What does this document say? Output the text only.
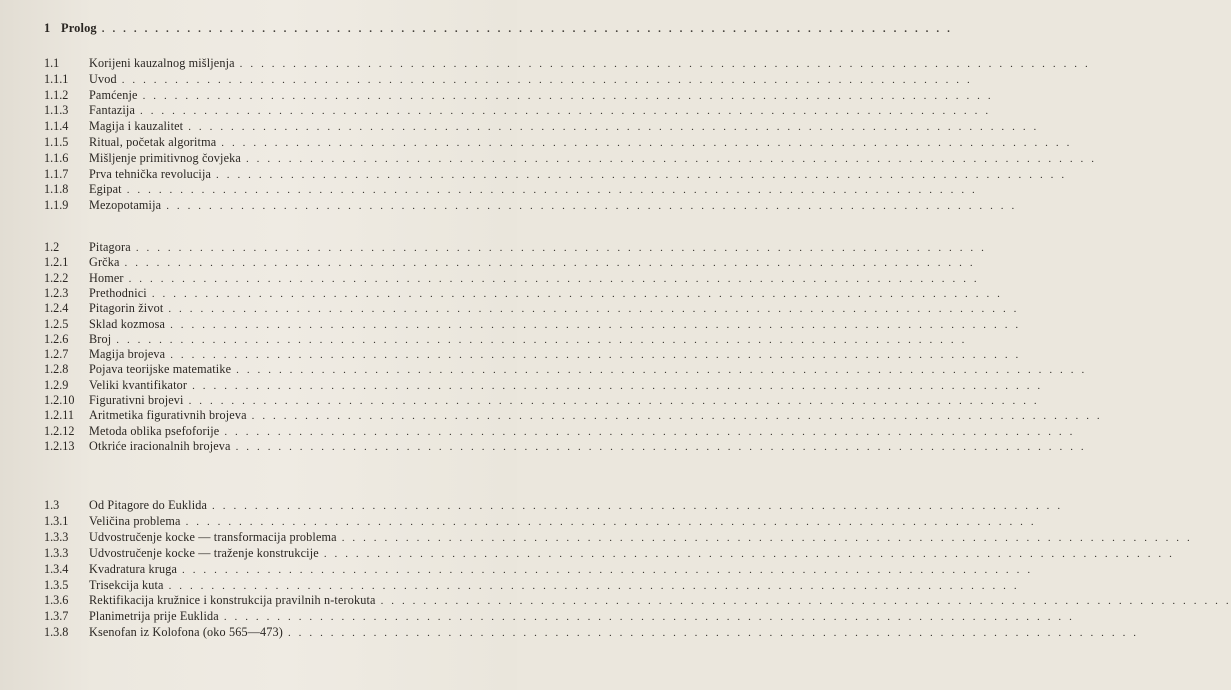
1 Prolog . . . . . . . . . . . . . . . . . . . . . . . . . . . . . . . . . . . . . . . . . . . . . . . . . . . . . . . . . . . . . . . . . . . . . . . . . . . . . . . .
1.1 Korijeni kauzalnog mišljenja . . . . . . . . . . . . . . . . . . . . . . . . . . . . . . . . . . . . . . . . . . . . . . . . . . . . . . . . . . . . . . . . . . . . . . . . . . . . . . . .
1.1.1 Uvod . . . . . . . . . . . . . . . . . . . . . . . . . . . . . . . . . . . . . . . . . . . . . . . . . . . . . . . . . . . . . . . . . . . . . . . . . . . . . . . .
1.1.2 Pamćenje . . . . . . . . . . . . . . . . . . . . . . . . . . . . . . . . . . . . . . . . . . . . . . . . . . . . . . . . . . . . . . . . . . . . . . . . . . . . . . . .
1.1.3 Fantazija . . . . . . . . . . . . . . . . . . . . . . . . . . . . . . . . . . . . . . . . . . . . . . . . . . . . . . . . . . . . . . . . . . . . . . . . . . . . . . . .
1.1.4 Magija i kauzalitet . . . . . . . . . . . . . . . . . . . . . . . . . . . . . . . . . . . . . . . . . . . . . . . . . . . . . . . . . . . . . . . . . . . . . . . . . . . . . . . .
1.1.5 Ritual, početak algoritma . . . . . . . . . . . . . . . . . . . . . . . . . . . . . . . . . . . . . . . . . . . . . . . . . . . . . . . . . . . . . . . . . . . . . . . . . . . . . . . .
1.1.6 Mišljenje primitivnog čovjeka . . . . . . . . . . . . . . . . . . . . . . . . . . . . . . . . . . . . . . . . . . . . . . . . . . . . . . . . . . . . . . . . . . . . . . . . . . . . . . . .
1.1.7 Prva tehnička revolucija . . . . . . . . . . . . . . . . . . . . . . . . . . . . . . . . . . . . . . . . . . . . . . . . . . . . . . . . . . . . . . . . . . . . . . . . . . . . . . . .
1.1.8 Egipat . . . . . . . . . . . . . . . . . . . . . . . . . . . . . . . . . . . . . . . . . . . . . . . . . . . . . . . . . . . . . . . . . . . . . . . . . . . . . . . .
1.1.9 Mezopotamija . . . . . . . . . . . . . . . . . . . . . . . . . . . . . . . . . . . . . . . . . . . . . . . . . . . . . . . . . . . . . . . . . . . . . . . . . . . . . . . .
1.2 Pitagora . . . . . . . . . . . . . . . . . . . . . . . . . . . . . . . . . . . . . . . . . . . . . . . . . . . . . . . . . . . . . . . . . . . . . . . . . . . . . . . .
1.2.1 Grčka . . . . . . . . . . . . . . . . . . . . . . . . . . . . . . . . . . . . . . . . . . . . . . . . . . . . . . . . . . . . . . . . . . . . . . . . . . . . . . . .
1.2.2 Homer . . . . . . . . . . . . . . . . . . . . . . . . . . . . . . . . . . . . . . . . . . . . . . . . . . . . . . . . . . . . . . . . . . . . . . . . . . . . . . . .
1.2.3 Prethodnici . . . . . . . . . . . . . . . . . . . . . . . . . . . . . . . . . . . . . . . . . . . . . . . . . . . . . . . . . . . . . . . . . . . . . . . . . . . . . . . .
1.2.4 Pitagorin život . . . . . . . . . . . . . . . . . . . . . . . . . . . . . . . . . . . . . . . . . . . . . . . . . . . . . . . . . . . . . . . . . . . . . . . . . . . . . . . .
1.2.5 Sklad kozmosa . . . . . . . . . . . . . . . . . . . . . . . . . . . . . . . . . . . . . . . . . . . . . . . . . . . . . . . . . . . . . . . . . . . . . . . . . . . . . . . .
1.2.6 Broj . . . . . . . . . . . . . . . . . . . . . . . . . . . . . . . . . . . . . . . . . . . . . . . . . . . . . . . . . . . . . . . . . . . . . . . . . . . . . . . .
1.2.7 Magija brojeva . . . . . . . . . . . . . . . . . . . . . . . . . . . . . . . . . . . . . . . . . . . . . . . . . . . . . . . . . . . . . . . . . . . . . . . . . . . . . . . .
1.2.8 Pojava teorijske matematike . . . . . . . . . . . . . . . . . . . . . . . . . . . . . . . . . . . . . . . . . . . . . . . . . . . . . . . . . . . . . . . . . . . . . . . . . . . . . . . .
1.2.9 Veliki kvantifikator . . . . . . . . . . . . . . . . . . . . . . . . . . . . . . . . . . . . . . . . . . . . . . . . . . . . . . . . . . . . . . . . . . . . . . . . . . . . . . . .
1.2.10 Figurativni brojevi . . . . . . . . . . . . . . . . . . . . . . . . . . . . . . . . . . . . . . . . . . . . . . . . . . . . . . . . . . . . . . . . . . . . . . . . . . . . . . . .
1.2.11 Aritmetika figurativnih brojeva . . . . . . . . . . . . . . . . . . . . . . . . . . . . . . . . . . . . . . . . . . . . . . . . . . . . . . . . . . . . . . . . . . . . . . . . . . . . . . . .
1.2.12 Metoda oblika psefoforije . . . . . . . . . . . . . . . . . . . . . . . . . . . . . . . . . . . . . . . . . . . . . . . . . . . . . . . . . . . . . . . . . . . . . . . . . . . . . . . .
1.2.13 Otkriće iracionalnih brojeva . . . . . . . . . . . . . . . . . . . . . . . . . . . . . . . . . . . . . . . . . . . . . . . . . . . . . . . . . . . . . . . . . . . . . . . . . . . . . . . .
1.3 Od Pitagore do Euklida . . . . . . . . . . . . . . . . . . . . . . . . . . . . . . . . . . . . . . . . . . . . . . . . . . . . . . . . . . . . . . . . . . . . . . . . . . . . . . . .
1.3.1 Veličina problema . . . . . . . . . . . . . . . . . . . . . . . . . . . . . . . . . . . . . . . . . . . . . . . . . . . . . . . . . . . . . . . . . . . . . . . . . . . . . . . .
1.3.3 Udvostručenje kocke — transformacija problema . . . . . . . . . . . . . . . . . . . . . . . . . . . . . . . . . . . . . . . . . . . . . . . . . . . . . . . . . . . . . . . . . . . . . . . . . . . . . . . .
1.3.3 Udvostručenje kocke — traženje konstrukcije . . . . . . . . . . . . . . . . . . . . . . . . . . . . . . . . . . . . . . . . . . . . . . . . . . . . . . . . . . . . . . . . . . . . . . . . . . . . . . . .
1.3.4 Kvadratura kruga . . . . . . . . . . . . . . . . . . . . . . . . . . . . . . . . . . . . . . . . . . . . . . . . . . . . . . . . . . . . . . . . . . . . . . . . . . . . . . . .
1.3.5 Trisekcija kuta . . . . . . . . . . . . . . . . . . . . . . . . . . . . . . . . . . . . . . . . . . . . . . . . . . . . . . . . . . . . . . . . . . . . . . . . . . . . . . . .
1.3.6 Rektifikacija kružnice i konstrukcija pravilnih n-terokuta . . . . . . . . . . . . . . . . . . . . . . . . . . . . . . . . . . . . . . . . . . . . . . . . . . . . . . . . . . . . . . . . . . . . . . . . . . . . . . . .
1.3.7 Planimetrija prije Euklida . . . . . . . . . . . . . . . . . . . . . . . . . . . . . . . . . . . . . . . . . . . . . . . . . . . . . . . . . . . . . . . . . . . . . . . . . . . . . . . .
1.3.8 Ksenofan iz Kolofona (oko 565—473) . . . . . . . . . . . . . . . . . . . . . . . . . . . . . . . . . . . . . . . . . . . . . . . . . . . . . . . . . . . . . . . . . . . . . . . . . . . . . . . .
